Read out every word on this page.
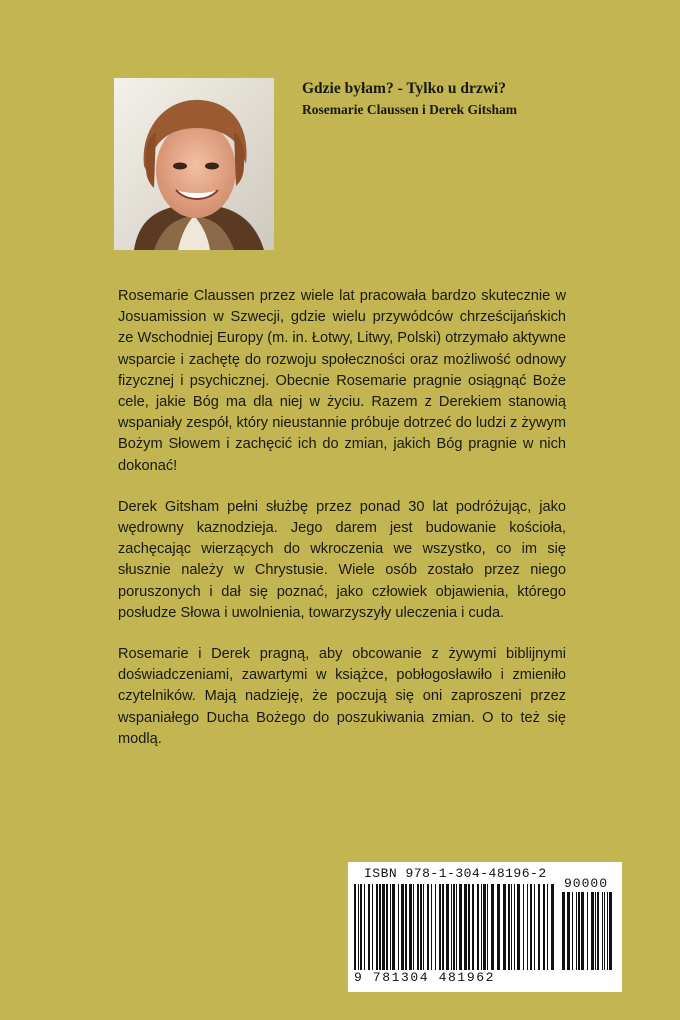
Gdzie byłam? - Tylko u drzwi?

Rosemarie Claussen i Derek Gitsham

Rosemarie Claussen przez wiele lat pracowała bardzo skutecznie w Josuamission w Szwecji, gdzie wielu przywódców chrześcijańskich ze Wschodniej Europy (m. in. Łotwy, Litwy, Polski) otrzymało aktywne wsparcie i zachętę do rozwoju społeczności oraz możliwość odnowy fizycznej i psychicznej. Obecnie Rosemarie pragnie osiągnąć Boże cele, jakie Bóg ma dla niej w życiu. Razem z Derekiem stanowią wspaniały zespół, który nieustannie próbuje dotrzeć do ludzi z żywym Bożym Słowem i zachęcić ich do zmian, jakich Bóg pragnie w nich dokonać!

Derek Gitsham pełni służbę przez ponad 30 lat podróżując, jako wędrowny kaznodzieja. Jego darem jest budowanie kościoła, zachęcając wierzących do wkroczenia we wszystko, co im się słusznie należy w Chrystusie. Wiele osób zostało przez niego poruszonych i dał się poznać, jako człowiek objawienia, którego posłudze Słowa i uwolnienia, towarzyszyły uleczenia i cuda.

Rosemarie i Derek pragną, aby obcowanie z żywymi biblijnymi doświadczeniami, zawartymi w książce, pobłogosławiło i zmieniło czytelników. Mają nadzieję, że poczują się oni zaproszeni przez wspaniałego Ducha Bożego do poszukiwania zmian. O to też się modlą.

ISBN 978-1-304-48196-2
90000
9 781304 481962
